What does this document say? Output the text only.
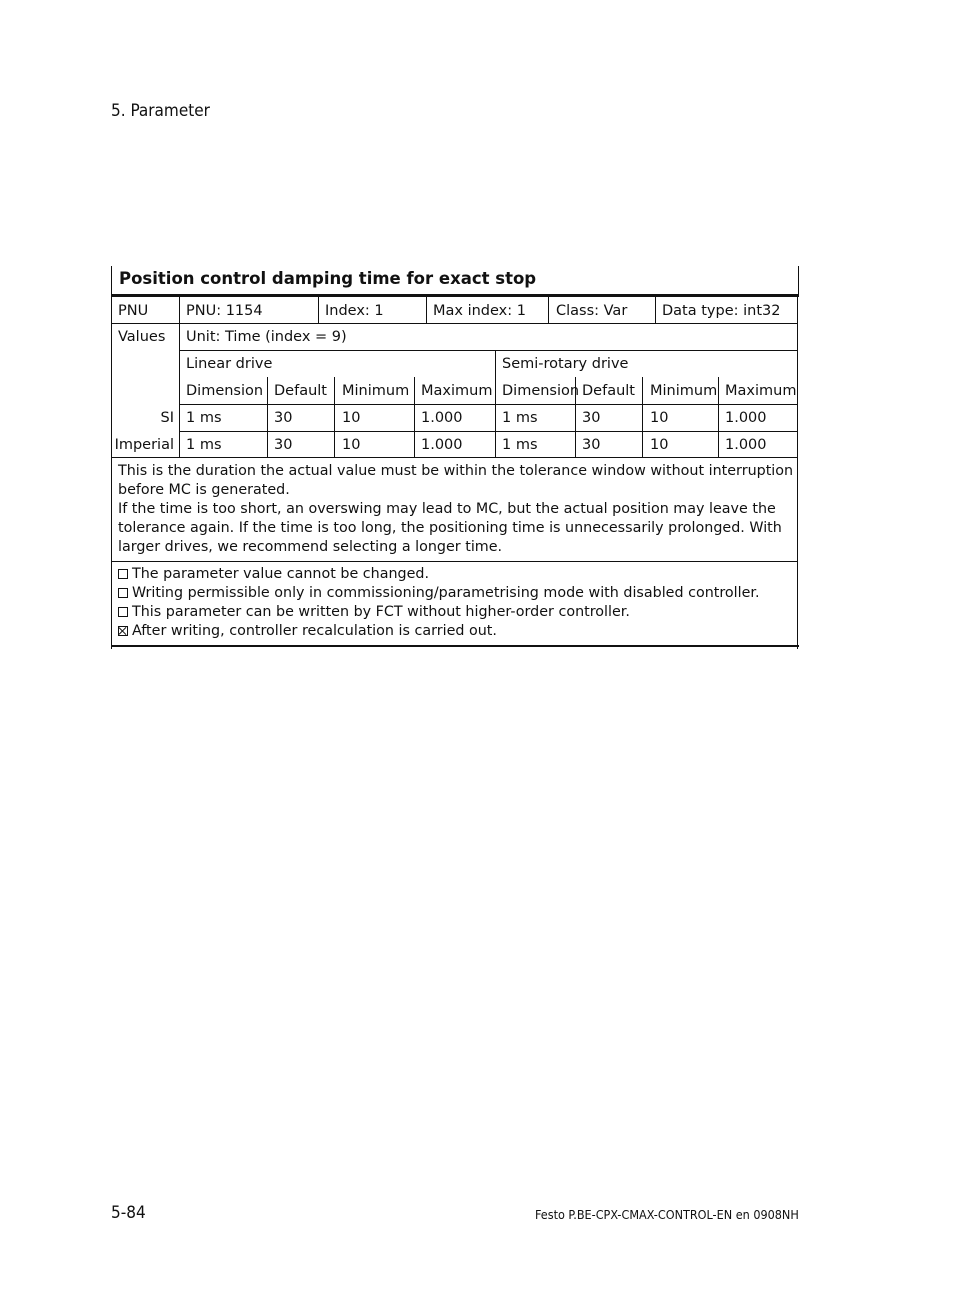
5. Parameter
Position control damping time for exact stop
PNU	PNU: 1154	Index: 1	Max index: 1 Class: Var Data type: int32
Values Unit: Time (index = 9)
Linear drive	Semi-rotary drive
Dimension Default Minimum Maximum Dimension Default Minimum Maximum
SI 1 ms	30	10	1.000	1 ms	30	10	1.000
Imperial 1 ms	30	10	1.000	1 ms	30	10	1.000
This is the duration the actual value must be within the tolerance window without interruption before MC is generated.
If the time is too short, an overswing may lead to MC, but the actual position may leave the tolerance again. If the time is too long, the positioning time is unnecessarily prolonged. With larger drives, we recommend selecting a longer time.
The parameter value cannot be changed.
Writing permissible only in commissioning/parametrising mode with disabled controller.
This parameter can be written by FCT without higher-order controller.
After writing, controller recalculation is carried out.
5-84	Festo P.BE-CPX-CMAX-CONTROL-EN en 0908NH
